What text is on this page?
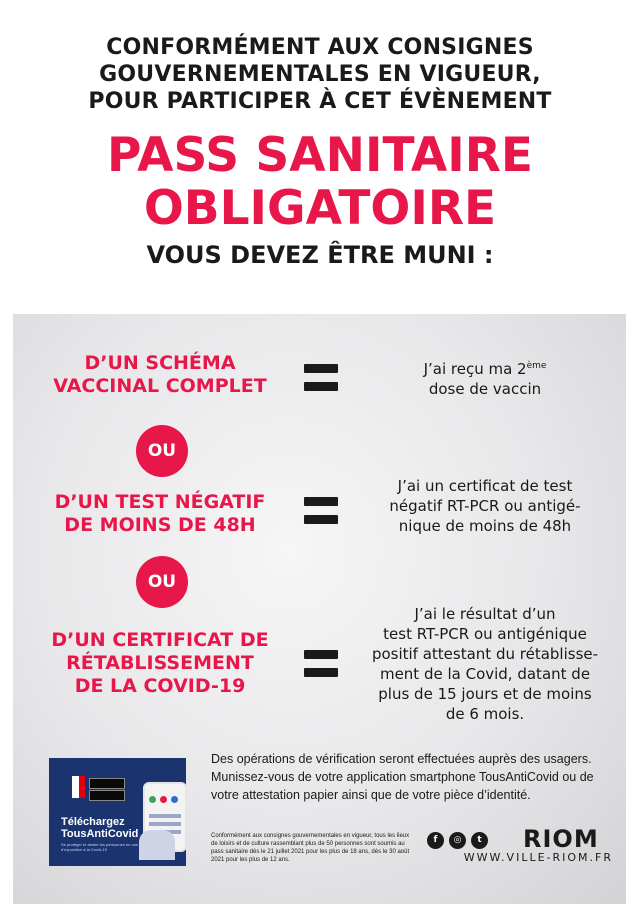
CONFORMÉMENT AUX CONSIGNES
GOUVERNEMENTALES EN VIGUEUR,
POUR PARTICIPER À CET ÉVÈNEMENT
PASS SANITAIRE
OBLIGATOIRE
VOUS DEVEZ ÊTRE MUNI :
D’UN SCHÉMA
VACCINAL COMPLET
J’ai reçu ma 2ème
dose de vaccin
OU
D’UN TEST NÉGATIF
DE MOINS DE 48H
J’ai un certificat de test
négatif RT-PCR ou antigé-
nique de moins de 48h
OU
D’UN CERTIFICAT DE
RÉTABLISSEMENT
DE LA COVID-19
J’ai le résultat d’un
test RT-PCR ou antigénique
positif attestant du rétablisse-
ment de la Covid, datant de
plus de 15 jours et de moins
de 6 mois.
Téléchargez
TousAntiCovid
Se protéger et alerter les personnes en cas d’exposition à la Covid-19
Des opérations de vérification seront effectuées auprès des usagers. Munissez-vous de votre application smartphone TousAntiCovid ou de votre attestation papier ainsi que de votre pièce d’identité.
Conformément aux consignes gouvernementales en vigueur, tous les lieux de loisirs et de culture rassemblant plus de 50 personnes sont soumis au pass sanitaire dès le 21 juillet 2021 pour les plus de 18 ans, dès le 30 août 2021 pour les plus de 12 ans.
f	◎	t RIOM
WWW.VILLE-RIOM.FR
